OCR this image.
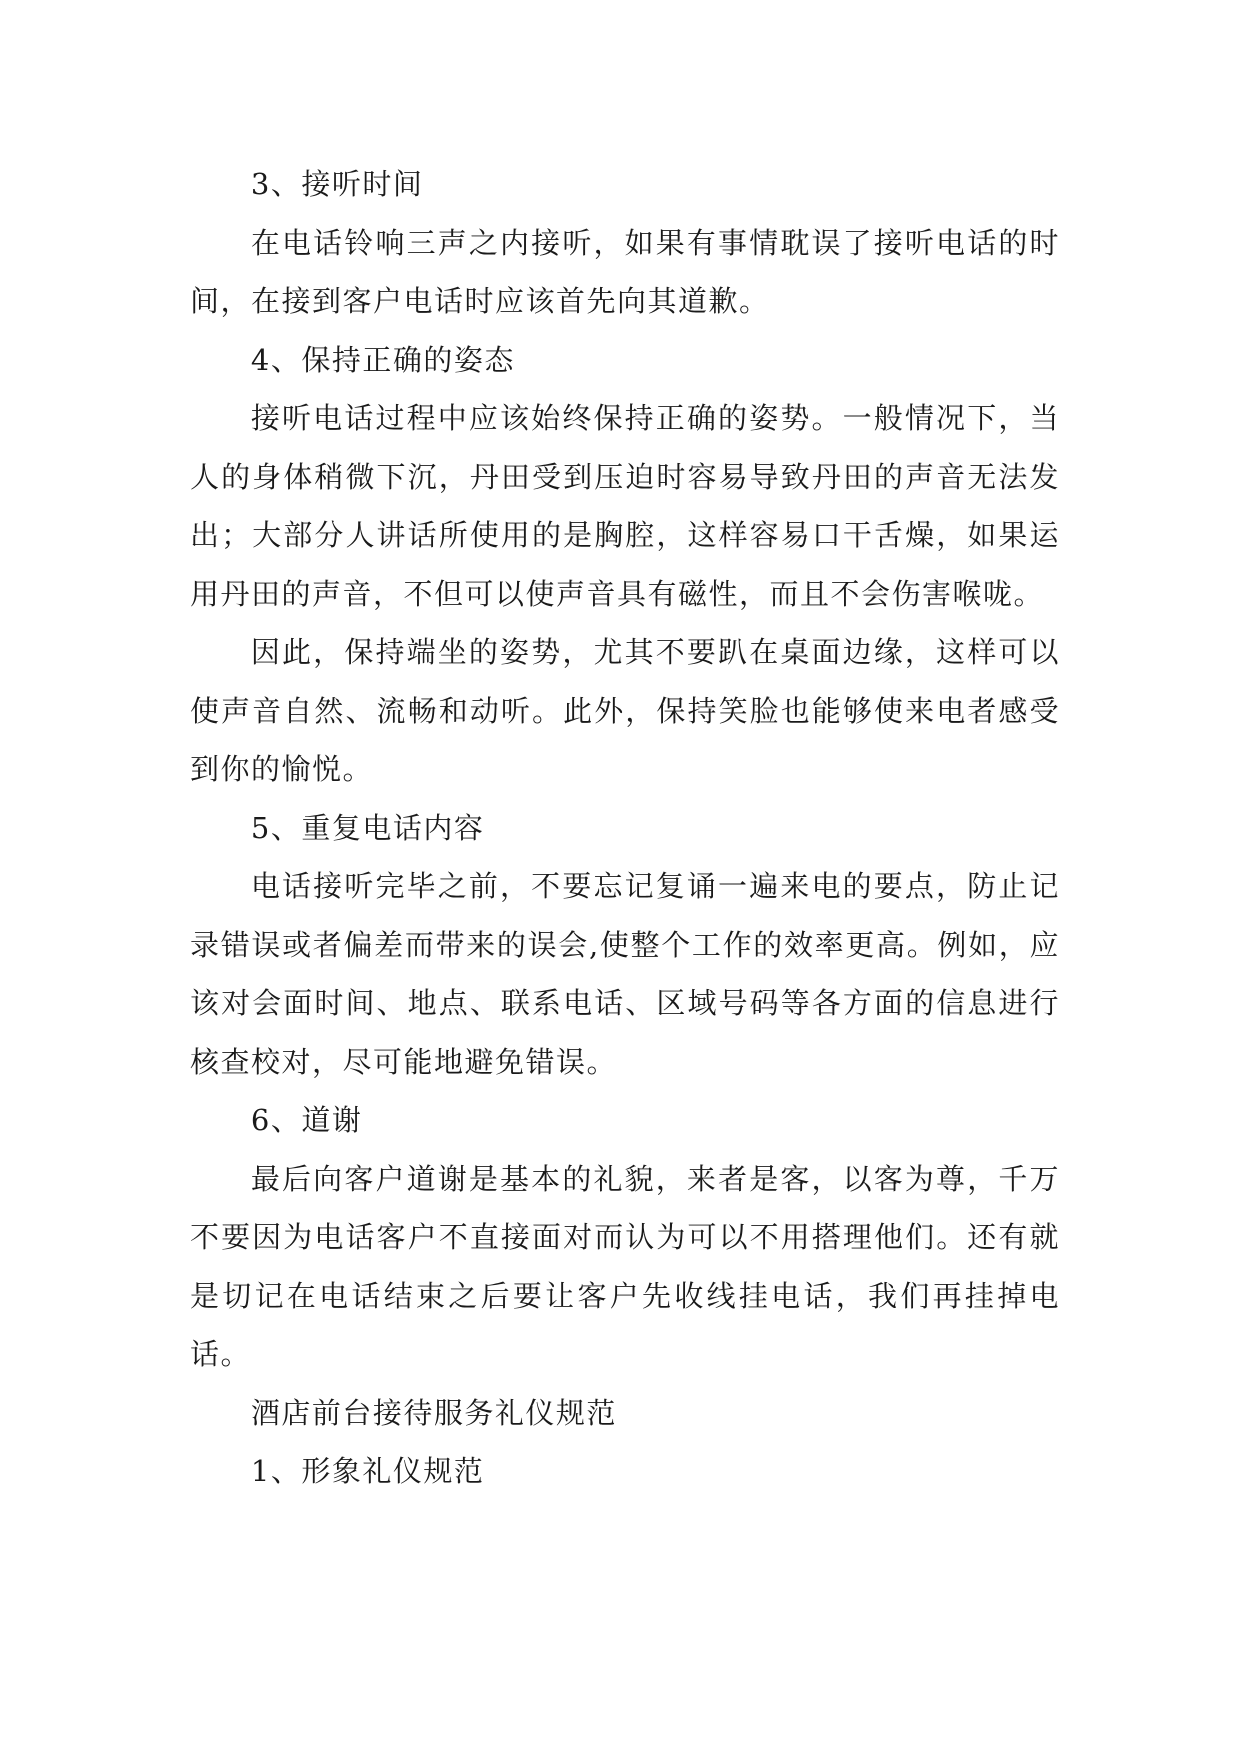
3、接听时间

在电话铃响三声之内接听，如果有事情耽误了接听电话的时间，在接到客户电话时应该首先向其道歉。

4、保持正确的姿态

接听电话过程中应该始终保持正确的姿势。一般情况下，当人的身体稍微下沉，丹田受到压迫时容易导致丹田的声音无法发出；大部分人讲话所使用的是胸腔，这样容易口干舌燥，如果运用丹田的声音，不但可以使声音具有磁性，而且不会伤害喉咙。

因此，保持端坐的姿势，尤其不要趴在桌面边缘，这样可以使声音自然、流畅和动听。此外，保持笑脸也能够使来电者感受到你的愉悦。

5、重复电话内容

电话接听完毕之前，不要忘记复诵一遍来电的要点，防止记录错误或者偏差而带来的误会,使整个工作的效率更高。例如，应该对会面时间、地点、联系电话、区域号码等各方面的信息进行核查校对，尽可能地避免错误。

6、道谢

最后向客户道谢是基本的礼貌，来者是客，以客为尊，千万不要因为电话客户不直接面对而认为可以不用搭理他们。还有就是切记在电话结束之后要让客户先收线挂电话，我们再挂掉电话。

酒店前台接待服务礼仪规范

1、形象礼仪规范
